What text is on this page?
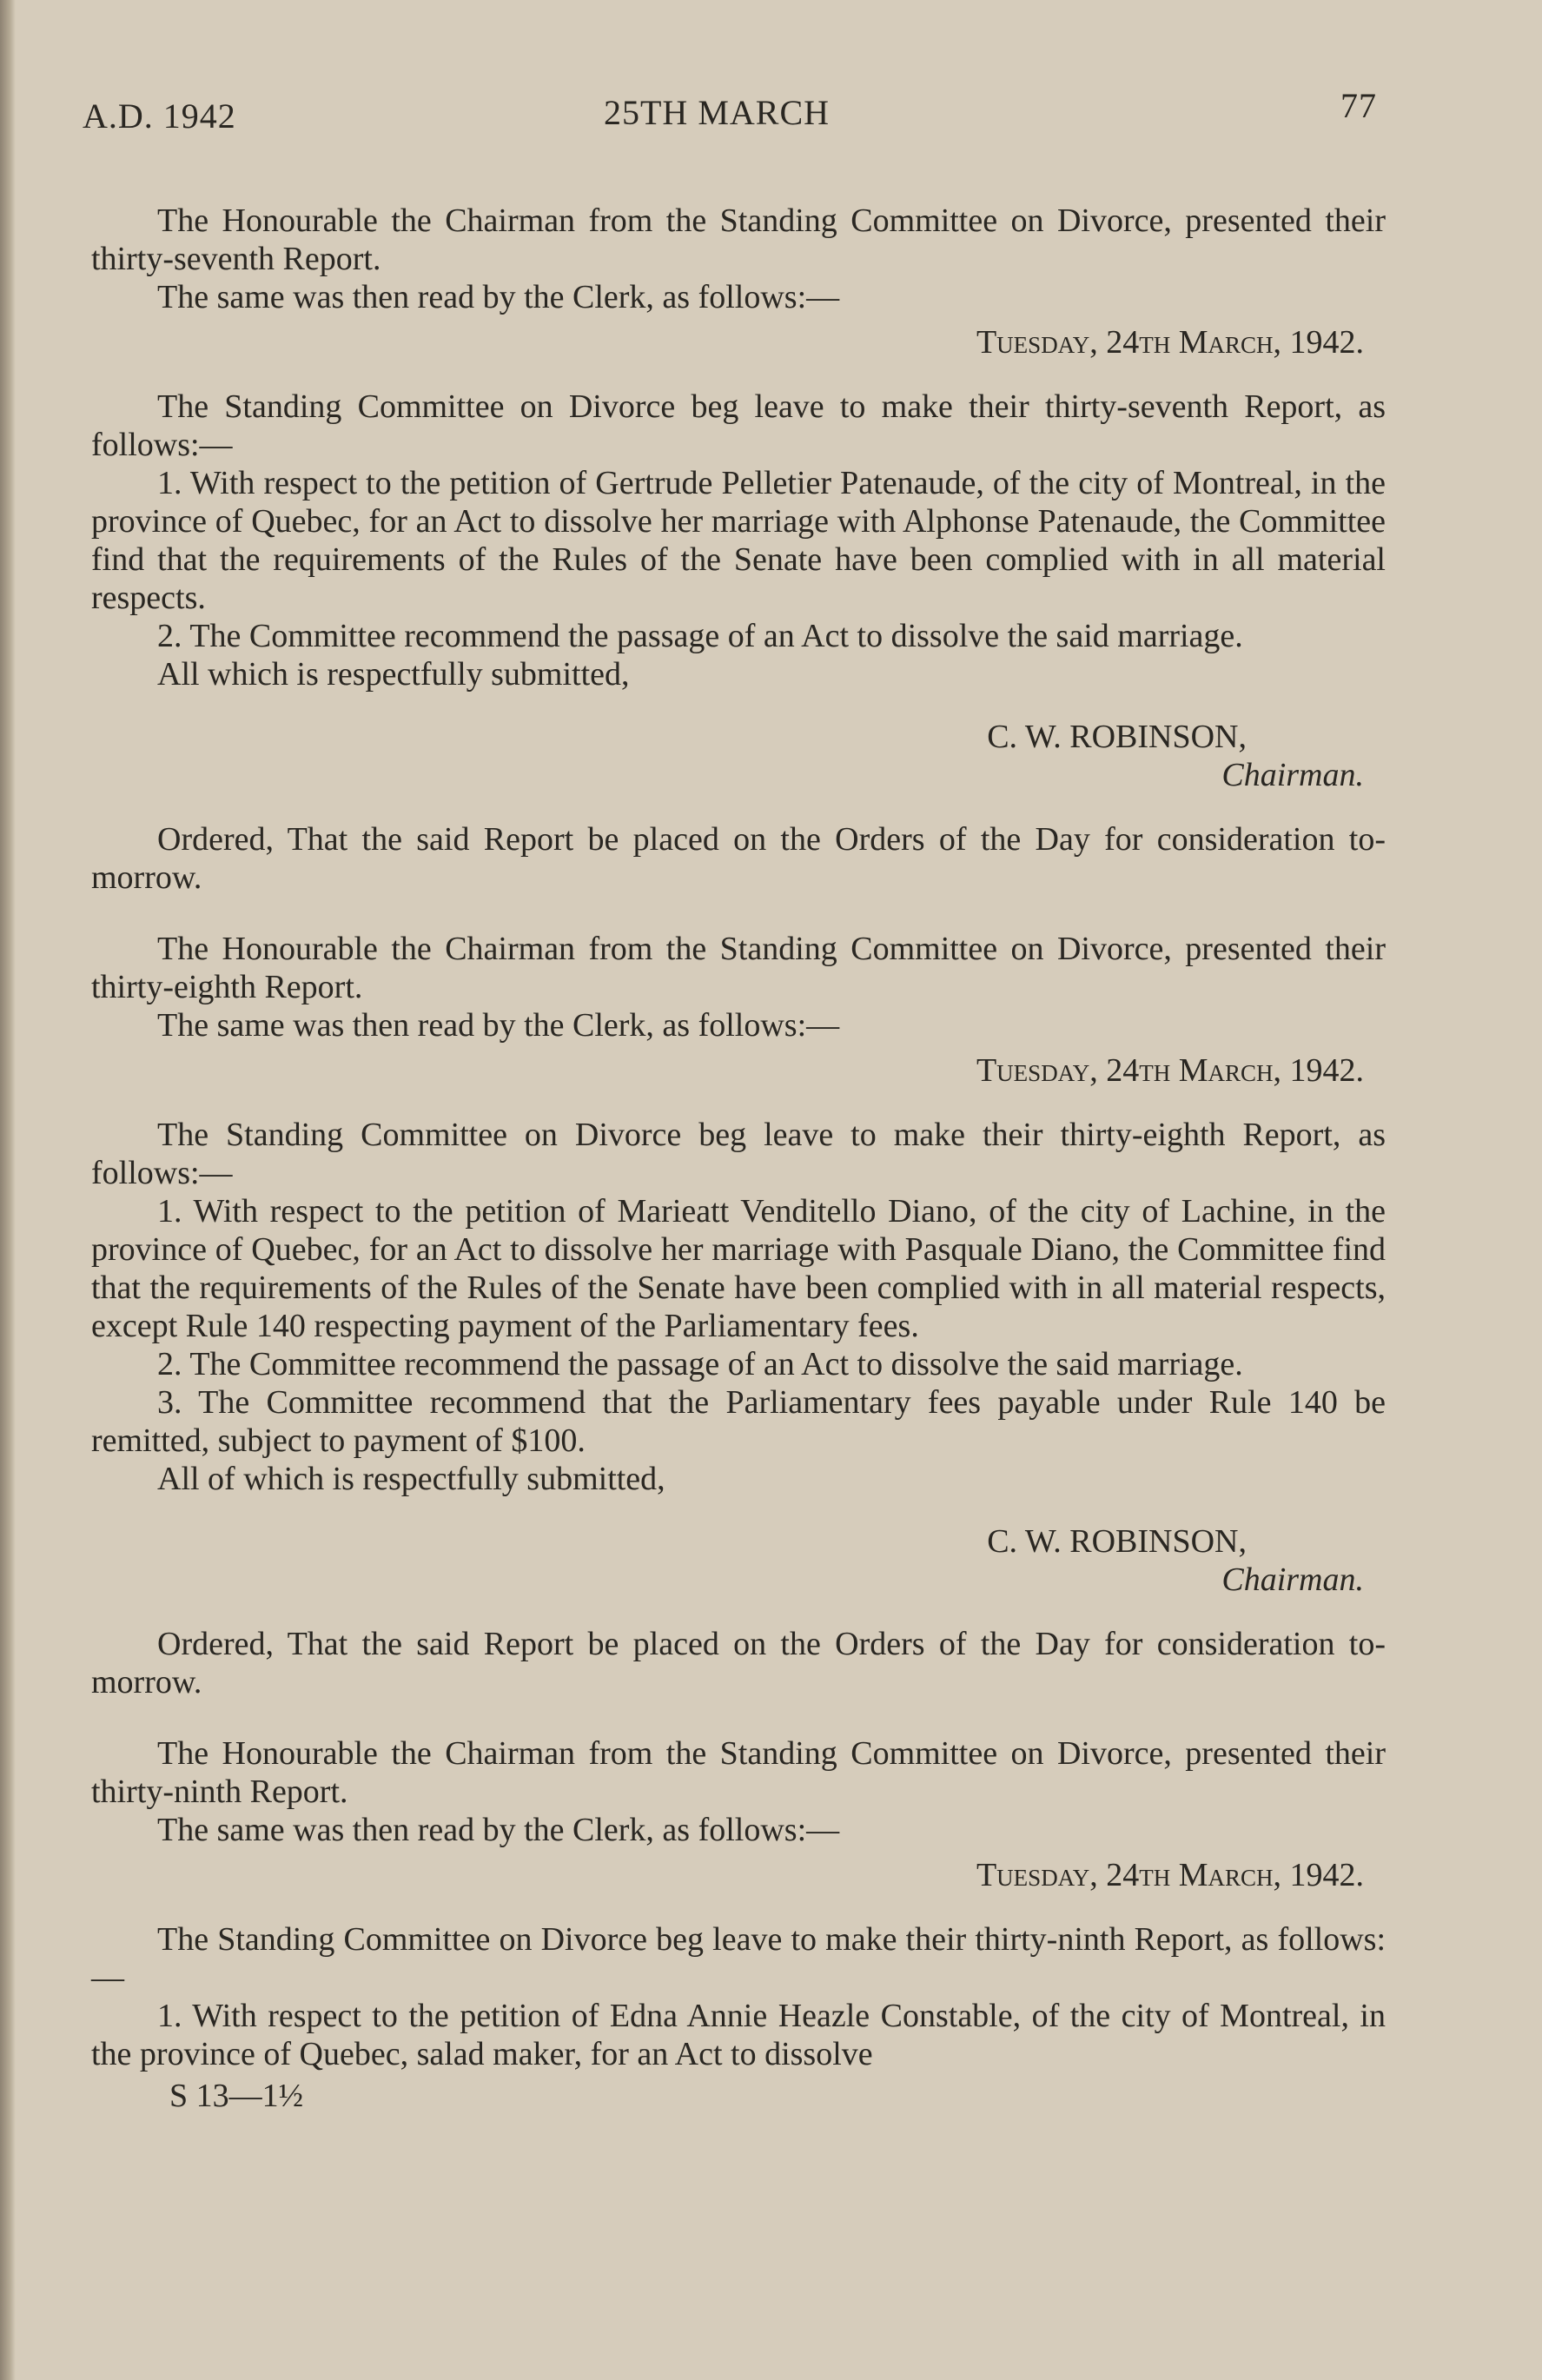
A.D. 1942	25TH MARCH	77

The Honourable the Chairman from the Standing Committee on Divorce, presented their thirty-seventh Report.

The same was then read by the Clerk, as follows:—

Tuesday, 24th March, 1942.

The Standing Committee on Divorce beg leave to make their thirty-seventh Report, as follows:—

1. With respect to the petition of Gertrude Pelletier Patenaude, of the city of Montreal, in the province of Quebec, for an Act to dissolve her marriage with Alphonse Patenaude, the Committee find that the requirements of the Rules of the Senate have been complied with in all material respects.

2. The Committee recommend the passage of an Act to dissolve the said marriage.

All which is respectfully submitted,

C. W. ROBINSON,

Chairman.

Ordered, That the said Report be placed on the Orders of the Day for consideration to-morrow.

The Honourable the Chairman from the Standing Committee on Divorce, presented their thirty-eighth Report.

The same was then read by the Clerk, as follows:—

Tuesday, 24th March, 1942.

The Standing Committee on Divorce beg leave to make their thirty-eighth Report, as follows:—

1. With respect to the petition of Marieatt Venditello Diano, of the city of Lachine, in the province of Quebec, for an Act to dissolve her marriage with Pasquale Diano, the Committee find that the requirements of the Rules of the Senate have been complied with in all material respects, except Rule 140 respecting payment of the Parliamentary fees.

2. The Committee recommend the passage of an Act to dissolve the said marriage.

3. The Committee recommend that the Parliamentary fees payable under Rule 140 be remitted, subject to payment of $100.

All of which is respectfully submitted,

C. W. ROBINSON,

Chairman.

Ordered, That the said Report be placed on the Orders of the Day for consideration to-morrow.

The Honourable the Chairman from the Standing Committee on Divorce, presented their thirty-ninth Report.

The same was then read by the Clerk, as follows:—

Tuesday, 24th March, 1942.

The Standing Committee on Divorce beg leave to make their thirty-ninth Report, as follows:—

1. With respect to the petition of Edna Annie Heazle Constable, of the city of Montreal, in the province of Quebec, salad maker, for an Act to dissolve

S 13—1½
